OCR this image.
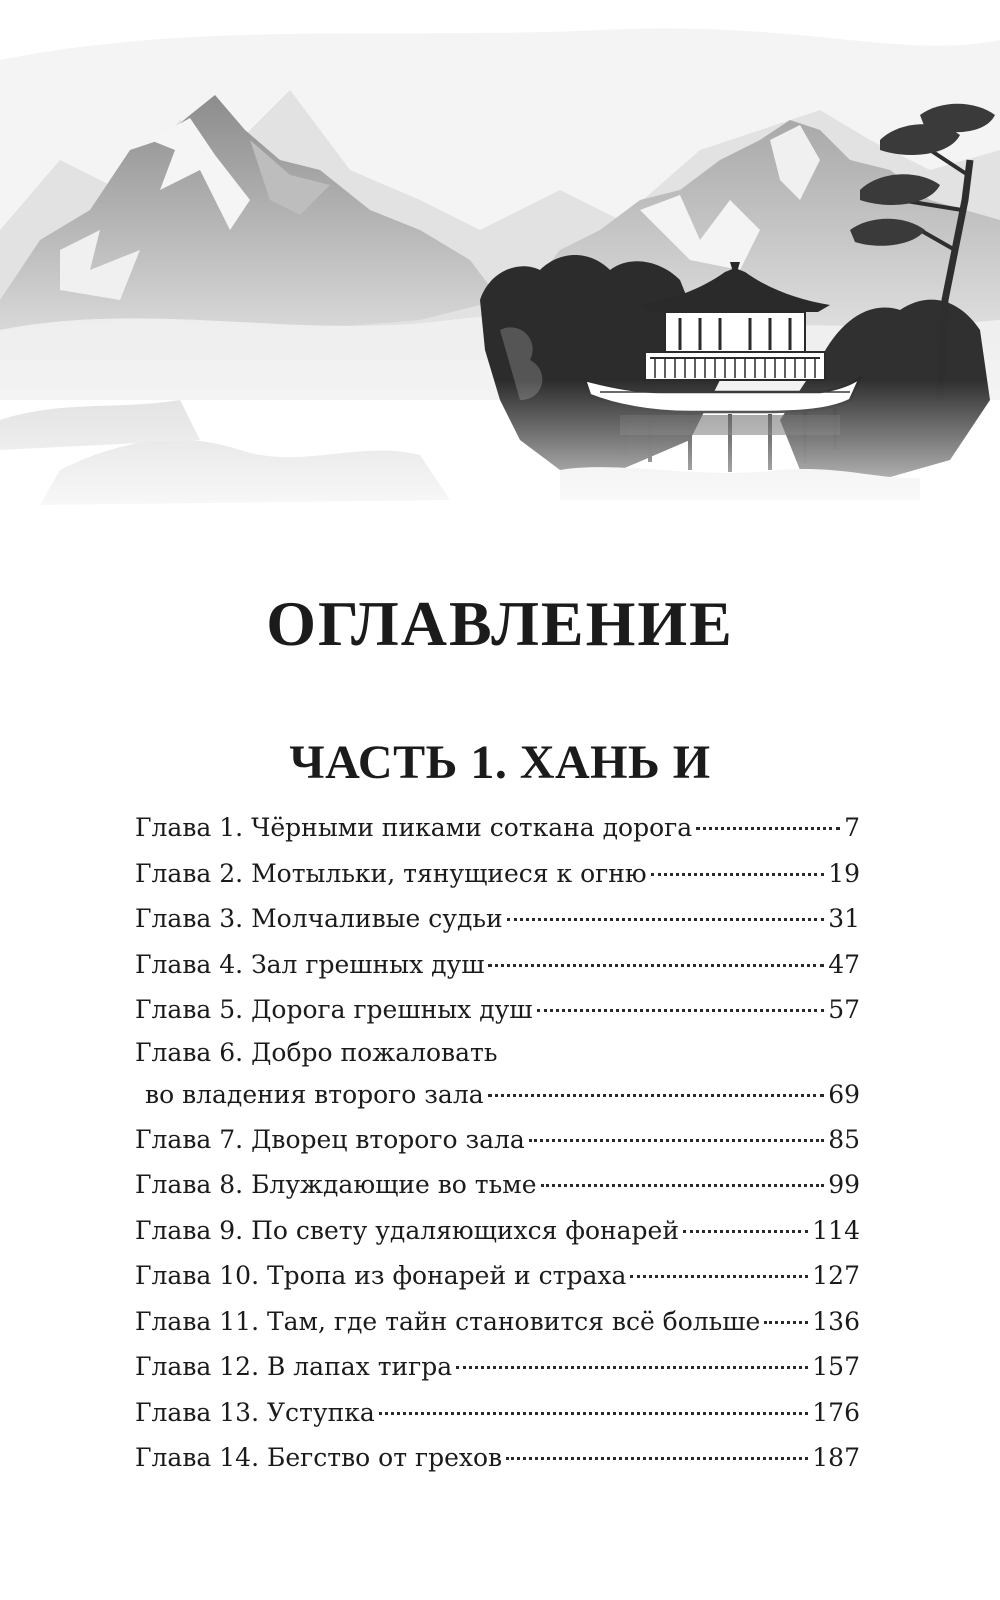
ОГЛАВЛЕНИЕ
ЧАСТЬ 1. ХАНЬ И
Глава 1. Чёрными пиками соткана дорога	7
Глава 2. Мотыльки, тянущиеся к огню	19
Глава 3. Молчаливые судьи	31
Глава 4. Зал грешных душ	47
Глава 5. Дорога грешных душ	57
Глава 6. Добро пожаловать
во владения второго зала	69
Глава 7. Дворец второго зала	85
Глава 8. Блуждающие во тьме	99
Глава 9. По свету удаляющихся фонарей	114
Глава 10. Тропа из фонарей и страха	127
Глава 11. Там, где тайн становится всё больше 136
Глава 12. В лапах тигра	157
Глава 13. Уступка	176
Глава 14. Бегство от грехов	187
